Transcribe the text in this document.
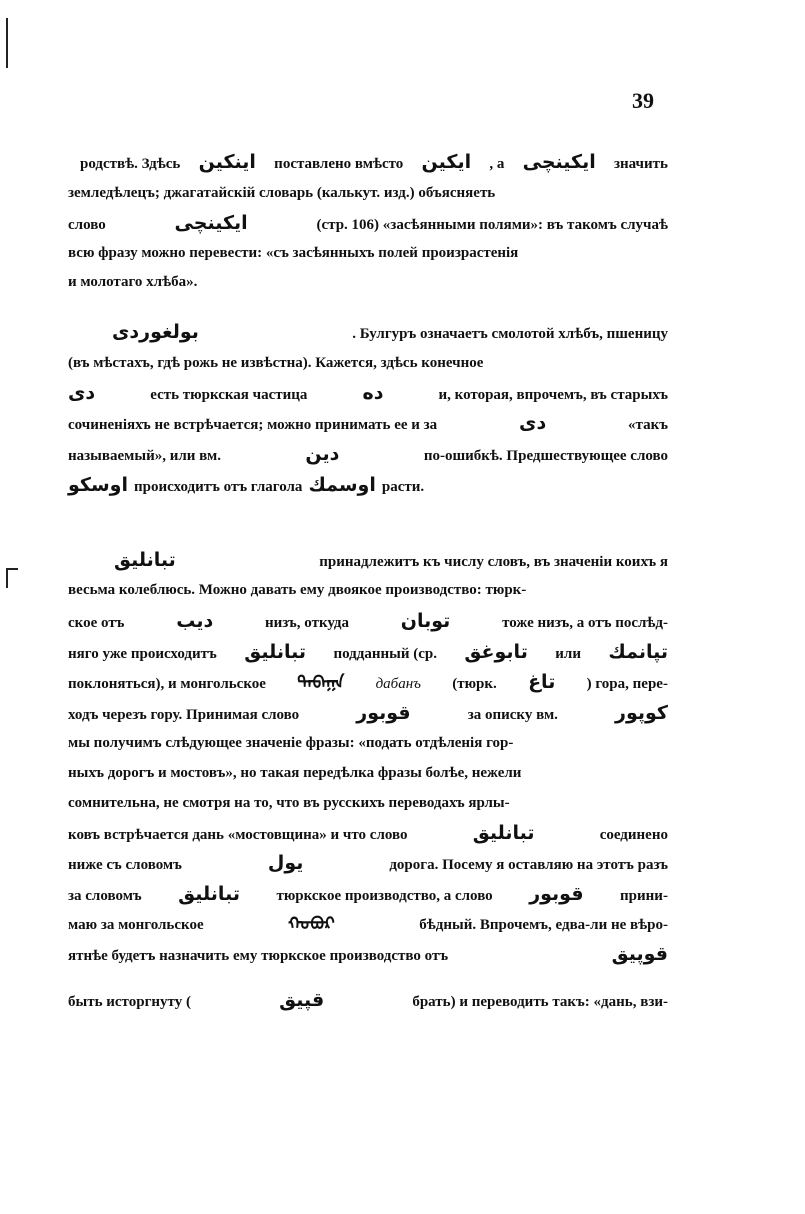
39
родствѣ. Здѣсь اینکین поставлено вмѣсто ایکین , а ایکینچی значить
земледѣлецъ; джагатайскій словарь (калькут. изд.) объясняеть
слово	ایکینچی	(стр. 106) «засѣянными полями»: въ такомъ случаѣ
всю фразу можно перевести: «съ засѣянныхъ полей произрастенія
и молотаго хлѣба».
بولغوردی	. Булгуръ означаетъ смолотой хлѣбъ, пшеницу
(въ мѣстахъ, гдѣ рожь не извѣстна). Кажется, здѣсь конечное
دی	есть тюркская частица	ده	и, которая, впрочемъ, въ старыхъ
сочиненіяхъ не встрѣчается; можно принимать ее и за	دی	«такъ
называемый», или вм.	دین	по-ошибкѣ. Предшествующее слово
اوسکو происходитъ отъ глагола اوسمك расти.
تبانلیق	принадлежитъ къ числу словъ, въ значеніи коихъ я
весьма колеблюсь. Можно давать ему двоякое производство: тюрк-
ское отъ	دیب	низъ, откуда	توبان	тоже низъ, а отъ послѣд-
няго уже происходитъ تبانلیق подданный (ср. تابوغق или تپانمك
поклоняться), и монгольское ᠳᠠᠪᠠᠭᠠ дабанъ (тюрк. تاغ ) гора, пере-
ходъ черезъ гору. Принимая слово	قوبور	за описку вм.	کوپور
мы получимъ слѣдующее значеніе фразы: «подать отдѣленія гор-
ныхъ дорогъ и мостовъ», но такая передѣлка фразы болѣе, нежели
сомнительна, не смотря на то, что въ русскихъ переводахъ ярлы-
ковъ встрѣчается дань «мостовщина» и что слово	تبانلیق	соединено
ниже съ словомъ	یول	дорога. Посему я оставляю на этотъ разъ
за словомъ تبانلیق тюркское производство, а слово قوبور прини-
маю за монгольское	ᠬᠣᠪᠤᠷ	бѣдный. Впрочемъ, едва-ли не вѣро-
ятнѣе будетъ назначить ему тюркское производство отъ	قوپیق
быть исторгнуту (	قپیق	брать) и переводить такъ: «дань, взи-
